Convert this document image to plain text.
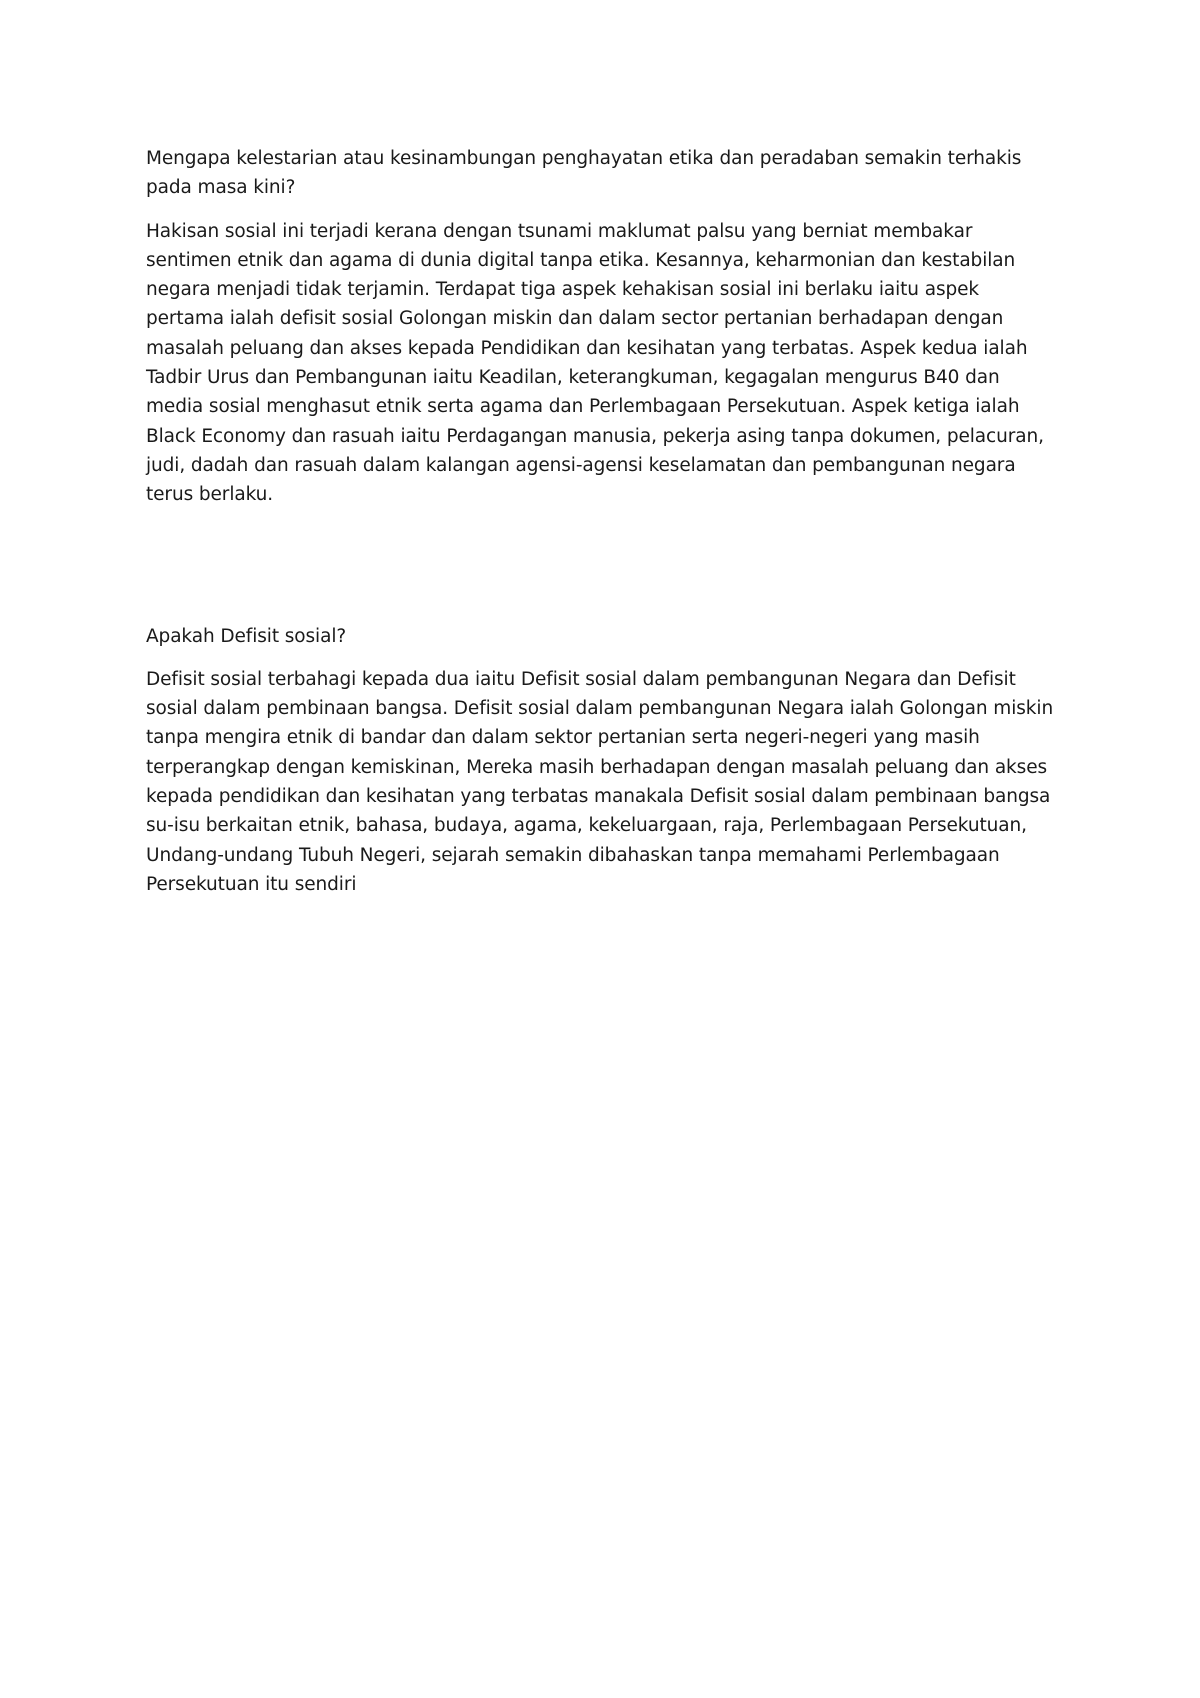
Mengapa kelestarian atau kesinambungan penghayatan etika dan peradaban semakin terhakis pada masa kini?

Hakisan sosial ini terjadi kerana dengan tsunami maklumat palsu yang berniat membakar sentimen etnik dan agama di dunia digital tanpa etika. Kesannya, keharmonian dan kestabilan negara menjadi tidak terjamin. Terdapat tiga aspek kehakisan sosial ini berlaku iaitu aspek pertama ialah defisit sosial Golongan miskin dan dalam sector pertanian berhadapan dengan masalah peluang dan akses kepada Pendidikan dan kesihatan yang terbatas. Aspek kedua ialah Tadbir Urus dan Pembangunan iaitu Keadilan, keterangkuman, kegagalan mengurus B40 dan media sosial menghasut etnik serta agama dan Perlembagaan Persekutuan. Aspek ketiga ialah Black Economy dan rasuah iaitu Perdagangan manusia, pekerja asing tanpa dokumen, pelacuran, judi, dadah dan rasuah dalam kalangan agensi-agensi keselamatan dan pembangunan negara terus berlaku.

Apakah Defisit sosial?

Defisit sosial terbahagi kepada dua iaitu Defisit sosial dalam pembangunan Negara dan Defisit sosial dalam pembinaan bangsa. Defisit sosial dalam pembangunan Negara ialah Golongan miskin tanpa mengira etnik di bandar dan dalam sektor pertanian serta negeri-negeri yang masih terperangkap dengan kemiskinan, Mereka masih berhadapan dengan masalah peluang dan akses kepada pendidikan dan kesihatan yang terbatas manakala Defisit sosial dalam pembinaan bangsa su-isu berkaitan etnik, bahasa, budaya, agama, kekeluargaan, raja, Perlembagaan Persekutuan, Undang-undang Tubuh Negeri, sejarah semakin dibahaskan tanpa memahami Perlembagaan Persekutuan itu sendiri
